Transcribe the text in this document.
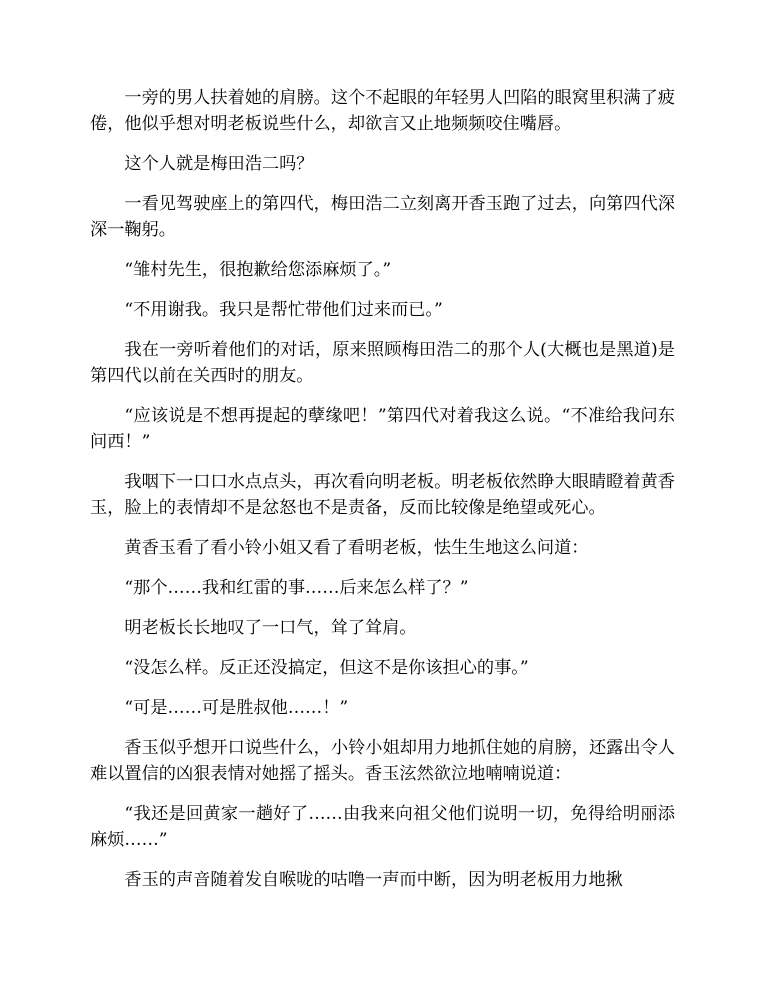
一旁的男人扶着她的肩膀。这个不起眼的年轻男人凹陷的眼窝里积满了疲倦，他似乎想对明老板说些什么，却欲言又止地频频咬住嘴唇。

这个人就是梅田浩二吗？

一看见驾驶座上的第四代，梅田浩二立刻离开香玉跑了过去，向第四代深深一鞠躬。

“雏村先生，很抱歉给您添麻烦了。”

“不用谢我。我只是帮忙带他们过来而已。”

我在一旁听着他们的对话，原来照顾梅田浩二的那个人(大概也是黑道)是第四代以前在关西时的朋友。

“应该说是不想再提起的孽缘吧！”第四代对着我这么说。“不准给我问东问西！”

我咽下一口口水点点头，再次看向明老板。明老板依然睁大眼睛瞪着黄香玉，脸上的表情却不是忿怒也不是责备，反而比较像是绝望或死心。

黄香玉看了看小铃小姐又看了看明老板，怯生生地这么问道：

“那个……我和红雷的事……后来怎么样了？”

明老板长长地叹了一口气，耸了耸肩。

“没怎么样。反正还没搞定，但这不是你该担心的事。”

“可是……可是胜叔他……！”

香玉似乎想开口说些什么，小铃小姐却用力地抓住她的肩膀，还露出令人难以置信的凶狠表情对她摇了摇头。香玉泫然欲泣地喃喃说道：

“我还是回黄家一趟好了……由我来向祖父他们说明一切，免得给明丽添麻烦……”

香玉的声音随着发自喉咙的咕噜一声而中断，因为明老板用力地揪
